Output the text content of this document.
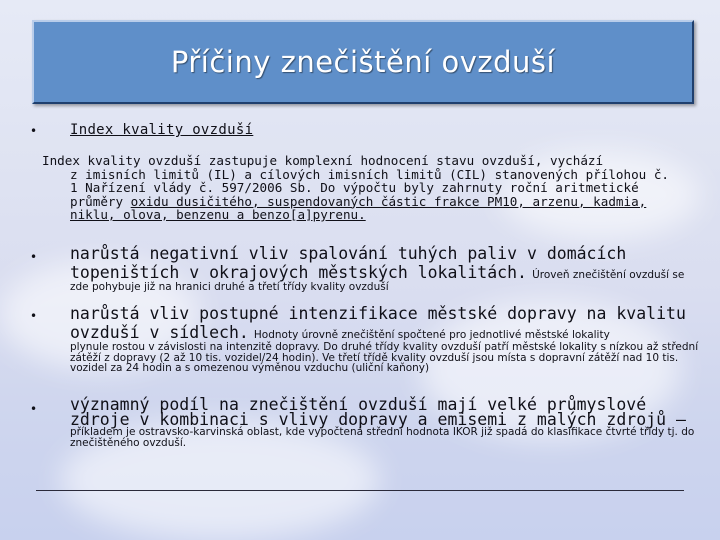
Příčiny znečištění ovzduší
• Index kvality ovzduší
Index kvality ovzduší zastupuje komplexní hodnocení stavu ovzduší, vychází
z imisních limitů (IL) a cílových imisních limitů (CIL) stanovených přílohou č. 1 Nařízení vlády č. 597/2006 Sb. Do výpočtu byly zahrnuty roční aritmetické průměry oxidu dusičitého, suspendovaných částic frakce PM10, arzenu, kadmia, niklu, olova, benzenu a benzo[a]pyrenu.
• narůstá negativní vliv spalování tuhých paliv v domácích topeništích v okrajových městských lokalitách. Úroveň znečištění ovzduší se
zde pohybuje již na hranici druhé a třetí třídy kvality ovzduší
• narůstá vliv postupné intenzifikace městské dopravy na kvalitu ovzduší v sídlech. Hodnoty úrovně znečištění spočtené pro jednotlivé městské lokality
plynule rostou v závislosti na intenzitě dopravy. Do druhé třídy kvality ovzduší patří městské lokality s nízkou až střední zátěží z dopravy (2 až 10 tis. vozidel/24 hodin). Ve třetí třídě kvality ovzduší jsou místa s dopravní zátěží nad 10 tis. vozidel za 24 hodin a s omezenou výměnou vzduchu (uliční kaňony)
• významný podíl na znečištění ovzduší mají velké průmyslové zdroje v kombinaci s vlivy dopravy a emisemi z malých zdrojů –
příkladem je ostravsko-karvinská oblast, kde vypočtená střední hodnota IKOR již spadá do klasifikace čtvrté třídy tj. do znečištěného ovzduší.
